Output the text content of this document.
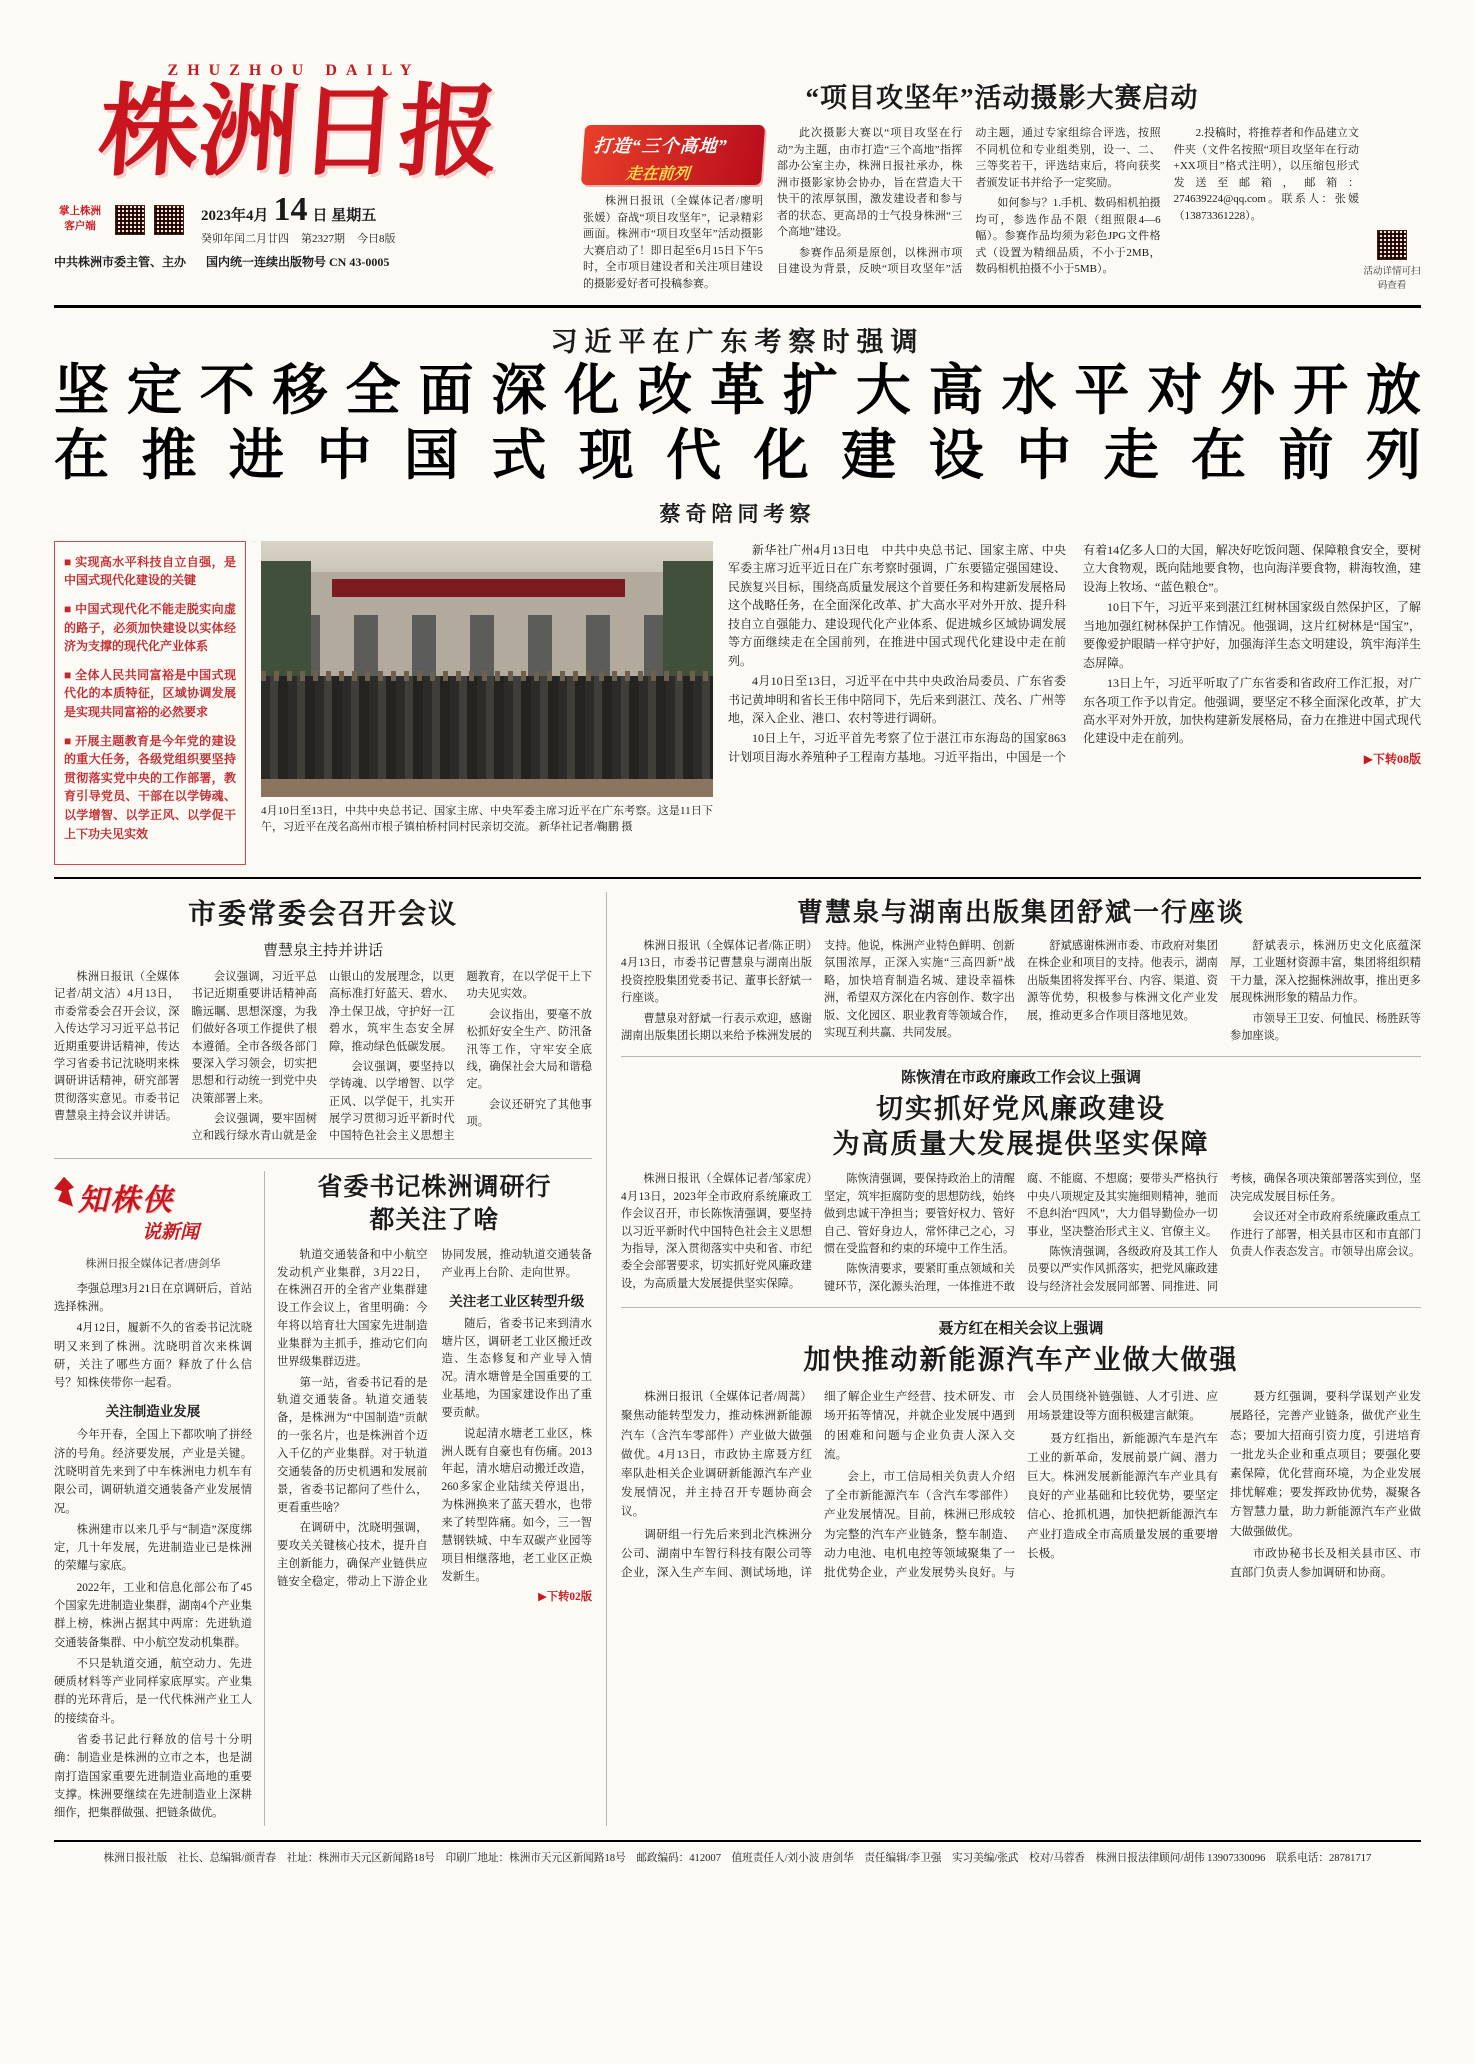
ZHUZHOU DAILY
株洲日报
掌上株洲
客户端
2023年4月 14 日 星期五
癸卯年闰二月廿四 第2327期 今日8版
中共株洲市委主管、主办 国内统一连续出版物号 CN 43-0005
“项目攻坚年”活动摄影大赛启动
打造“三个高地”
走在前列

株洲日报讯（全媒体记者/廖明 张媛）奋战“项目攻坚年”，记录精彩画面。株洲市“项目攻坚年”活动摄影大赛启动了！即日起至6月15日下午5时，全市项目建设者和关注项目建设的摄影爱好者可投稿参赛。

此次摄影大赛以“项目攻坚在行动”为主题，由市打造“三个高地”指挥部办公室主办，株洲日报社承办，株洲市摄影家协会协办，旨在营造大干快干的浓厚氛围，激发建设者和参与者的状态、更高昂的士气投身株洲“三个高地”建设。

参赛作品须是原创，以株洲市项目建设为背景，反映“项目攻坚年”活动主题，通过专家组综合评选，按照不同机位和专业组类别，设一、二、三等奖若干，评选结束后，将向获奖者颁发证书并给予一定奖励。

如何参与？1.手机、数码相机拍摄均可，参选作品不限（组照限4—6幅）。参赛作品均须为彩色JPG文件格式（设置为精细品质，不小于2MB，数码相机拍摄不小于5MB）。

2.投稿时，将推荐者和作品建立文件夹（文件名按照“项目攻坚年在行动+XX项目”格式注明），以压缩包形式发送至邮箱，邮箱：274639224@qq.com。联系人：张媛（13873361228）。

活动详情可扫码查看
习近平在广东考察时强调
坚定不移全面深化改革扩大高水平对外开放
在推进中国式现代化建设中走在前列
蔡奇陪同考察

■ 实现高水平科技自立自强，是中国式现代化建设的关键

■ 中国式现代化不能走脱实向虚的路子，必须加快建设以实体经济为支撑的现代化产业体系

■ 全体人民共同富裕是中国式现代化的本质特征，区域协调发展是实现共同富裕的必然要求

■ 开展主题教育是今年党的建设的重大任务，各级党组织要坚持贯彻落实党中央的工作部署，教育引导党员、干部在以学铸魂、以学增智、以学正风、以学促干上下功夫见实效

4月10日至13日，中共中央总书记、国家主席、中央军委主席习近平在广东考察。这是11日下午，习近平在茂名高州市根子镇柏桥村同村民亲切交流。 新华社记者/鞠鹏 摄

新华社广州4月13日电　中共中央总书记、国家主席、中央军委主席习近平近日在广东考察时强调，广东要锚定强国建设、民族复兴目标，围绕高质量发展这个首要任务和构建新发展格局这个战略任务，在全面深化改革、扩大高水平对外开放、提升科技自立自强能力、建设现代化产业体系、促进城乡区域协调发展等方面继续走在全国前列，在推进中国式现代化建设中走在前列。

4月10日至13日，习近平在中共中央政治局委员、广东省委书记黄坤明和省长王伟中陪同下，先后来到湛江、茂名、广州等地，深入企业、港口、农村等进行调研。

10日上午，习近平首先考察了位于湛江市东海岛的国家863计划项目海水养殖种子工程南方基地。习近平指出，中国是一个有着14亿多人口的大国，解决好吃饭问题、保障粮食安全，要树立大食物观，既向陆地要食物，也向海洋要食物，耕海牧渔，建设海上牧场、“蓝色粮仓”。

10日下午，习近平来到湛江红树林国家级自然保护区，了解当地加强红树林保护工作情况。他强调，这片红树林是“国宝”，要像爱护眼睛一样守护好，加强海洋生态文明建设，筑牢海洋生态屏障。

13日上午，习近平听取了广东省委和省政府工作汇报，对广东各项工作予以肯定。他强调，要坚定不移全面深化改革，扩大高水平对外开放，加快构建新发展格局，奋力在推进中国式现代化建设中走在前列。

▶下转08版

市委常委会召开会议
曹慧泉主持并讲话

株洲日报讯（全媒体记者/胡文洁）4月13日，市委常委会召开会议，深入传达学习习近平总书记近期重要讲话精神，传达学习省委书记沈晓明来株调研讲话精神，研究部署贯彻落实意见。市委书记曹慧泉主持会议并讲话。

会议强调，习近平总书记近期重要讲话精神高瞻远瞩、思想深邃，为我们做好各项工作提供了根本遵循。全市各级各部门要深入学习领会，切实把思想和行动统一到党中央决策部署上来。

会议强调，要牢固树立和践行绿水青山就是金山银山的发展理念，以更高标准打好蓝天、碧水、净土保卫战，守护好一江碧水，筑牢生态安全屏障，推动绿色低碳发展。

会议强调，要坚持以学铸魂、以学增智、以学正风、以学促干，扎实开展学习贯彻习近平新时代中国特色社会主义思想主题教育，在以学促干上下功夫见实效。

会议指出，要毫不放松抓好安全生产、防汛备汛等工作，守牢安全底线，确保社会大局和谐稳定。

会议还研究了其他事项。

知株侠
说新闻
株洲日报全媒体记者/唐剑华

李强总理3月21日在京调研后，首站选择株洲。

4月12日，履新不久的省委书记沈晓明又来到了株洲。沈晓明首次来株调研，关注了哪些方面？释放了什么信号？知株侠带你一起看。

关注制造业发展

今年开春，全国上下都吹响了拼经济的号角。经济要发展，产业是关键。沈晓明首先来到了中车株洲电力机车有限公司，调研轨道交通装备产业发展情况。

株洲建市以来几乎与“制造”深度绑定，几十年发展，先进制造业已是株洲的荣耀与家底。

2022年，工业和信息化部公布了45个国家先进制造业集群，湖南4个产业集群上榜，株洲占据其中两席：先进轨道交通装备集群、中小航空发动机集群。

不只是轨道交通，航空动力、先进硬质材料等产业同样家底厚实。产业集群的光环背后，是一代代株洲产业工人的接续奋斗。

省委书记此行释放的信号十分明确：制造业是株洲的立市之本，也是湖南打造国家重要先进制造业高地的重要支撑。株洲要继续在先进制造业上深耕细作，把集群做强、把链条做优。

省委书记株洲调研行
都关注了啥

轨道交通装备和中小航空发动机产业集群，3月22日，在株洲召开的全省产业集群建设工作会议上，省里明确：今年将以培育壮大国家先进制造业集群为主抓手，推动它们向世界级集群迈进。

第一站，省委书记看的是轨道交通装备。轨道交通装备，是株洲为“中国制造”贡献的一张名片，也是株洲首个迈入千亿的产业集群。对于轨道交通装备的历史机遇和发展前景，省委书记都问了些什么，更看重些啥？

在调研中，沈晓明强调，要攻关关键核心技术，提升自主创新能力，确保产业链供应链安全稳定，带动上下游企业协同发展，推动轨道交通装备产业再上台阶、走向世界。

关注老工业区转型升级

随后，省委书记来到清水塘片区，调研老工业区搬迁改造、生态修复和产业导入情况。清水塘曾是全国重要的工业基地，为国家建设作出了重要贡献。

说起清水塘老工业区，株洲人既有自豪也有伤痛。2013年起，清水塘启动搬迁改造，260多家企业陆续关停退出，为株洲换来了蓝天碧水，也带来了转型阵痛。如今，三一智慧钢铁城、中车双碳产业园等项目相继落地，老工业区正焕发新生。

▶下转02版

曹慧泉与湖南出版集团舒斌一行座谈

株洲日报讯（全媒体记者/陈正明）4月13日，市委书记曹慧泉与湖南出版投资控股集团党委书记、董事长舒斌一行座谈。

曹慧泉对舒斌一行表示欢迎，感谢湖南出版集团长期以来给予株洲发展的支持。他说，株洲产业特色鲜明、创新氛围浓厚，正深入实施“三高四新”战略，加快培育制造名城、建设幸福株洲，希望双方深化在内容创作、数字出版、文化园区、职业教育等领域合作，实现互利共赢、共同发展。

舒斌感谢株洲市委、市政府对集团在株企业和项目的支持。他表示，湖南出版集团将发挥平台、内容、渠道、资源等优势，积极参与株洲文化产业发展，推动更多合作项目落地见效。

舒斌表示，株洲历史文化底蕴深厚，工业题材资源丰富，集团将组织精干力量，深入挖掘株洲故事，推出更多展现株洲形象的精品力作。

市领导王卫安、何恤民、杨胜跃等参加座谈。

陈恢清在市政府廉政工作会议上强调
切实抓好党风廉政建设
为高质量大发展提供坚实保障

株洲日报讯（全媒体记者/邹家虎）4月13日，2023年全市政府系统廉政工作会议召开，市长陈恢清强调，要坚持以习近平新时代中国特色社会主义思想为指导，深入贯彻落实中央和省、市纪委全会部署要求，切实抓好党风廉政建设，为高质量大发展提供坚实保障。

陈恢清强调，要保持政治上的清醒坚定，筑牢拒腐防变的思想防线，始终做到忠诚干净担当；要管好权力、管好自己、管好身边人，常怀律己之心，习惯在受监督和约束的环境中工作生活。

陈恢清要求，要紧盯重点领域和关键环节，深化源头治理，一体推进不敢腐、不能腐、不想腐；要带头严格执行中央八项规定及其实施细则精神，驰而不息纠治“四风”，大力倡导勤俭办一切事业，坚决整治形式主义、官僚主义。

陈恢清强调，各级政府及其工作人员要以严实作风抓落实，把党风廉政建设与经济社会发展同部署、同推进、同考核，确保各项决策部署落实到位，坚决完成发展目标任务。

会议还对全市政府系统廉政重点工作进行了部署，相关县市区和市直部门负责人作表态发言。市领导出席会议。

聂方红在相关会议上强调
加快推动新能源汽车产业做大做强

株洲日报讯（全媒体记者/周蒿）聚焦动能转型发力，推动株洲新能源汽车（含汽车零部件）产业做大做强做优。4月13日，市政协主席聂方红率队赴相关企业调研新能源汽车产业发展情况，并主持召开专题协商会议。

调研组一行先后来到北汽株洲分公司、湖南中车智行科技有限公司等企业，深入生产车间、测试场地，详细了解企业生产经营、技术研发、市场开拓等情况，并就企业发展中遇到的困难和问题与企业负责人深入交流。

会上，市工信局相关负责人介绍了全市新能源汽车（含汽车零部件）产业发展情况。目前，株洲已形成较为完整的汽车产业链条，整车制造、动力电池、电机电控等领域聚集了一批优势企业，产业发展势头良好。与会人员围绕补链强链、人才引进、应用场景建设等方面积极建言献策。

聂方红指出，新能源汽车是汽车工业的新革命，发展前景广阔、潜力巨大。株洲发展新能源汽车产业具有良好的产业基础和比较优势，要坚定信心、抢抓机遇，加快把新能源汽车产业打造成全市高质量发展的重要增长极。

聂方红强调，要科学谋划产业发展路径，完善产业链条，做优产业生态；要加大招商引资力度，引进培育一批龙头企业和重点项目；要强化要素保障，优化营商环境，为企业发展排忧解难；要发挥政协优势，凝聚各方智慧力量，助力新能源汽车产业做大做强做优。

市政协秘书长及相关县市区、市直部门负责人参加调研和协商。

株洲日报社版　社长、总编辑/颜青春　社址：株洲市天元区新闻路18号　印刷厂地址：株洲市天元区新闻路18号　邮政编码：412007　值班责任人/刘小波 唐剑华　责任编辑/李卫强　实习美编/张武　校对/马蓉香　株洲日报法律顾问/胡伟 13907330096　联系电话：28781717
